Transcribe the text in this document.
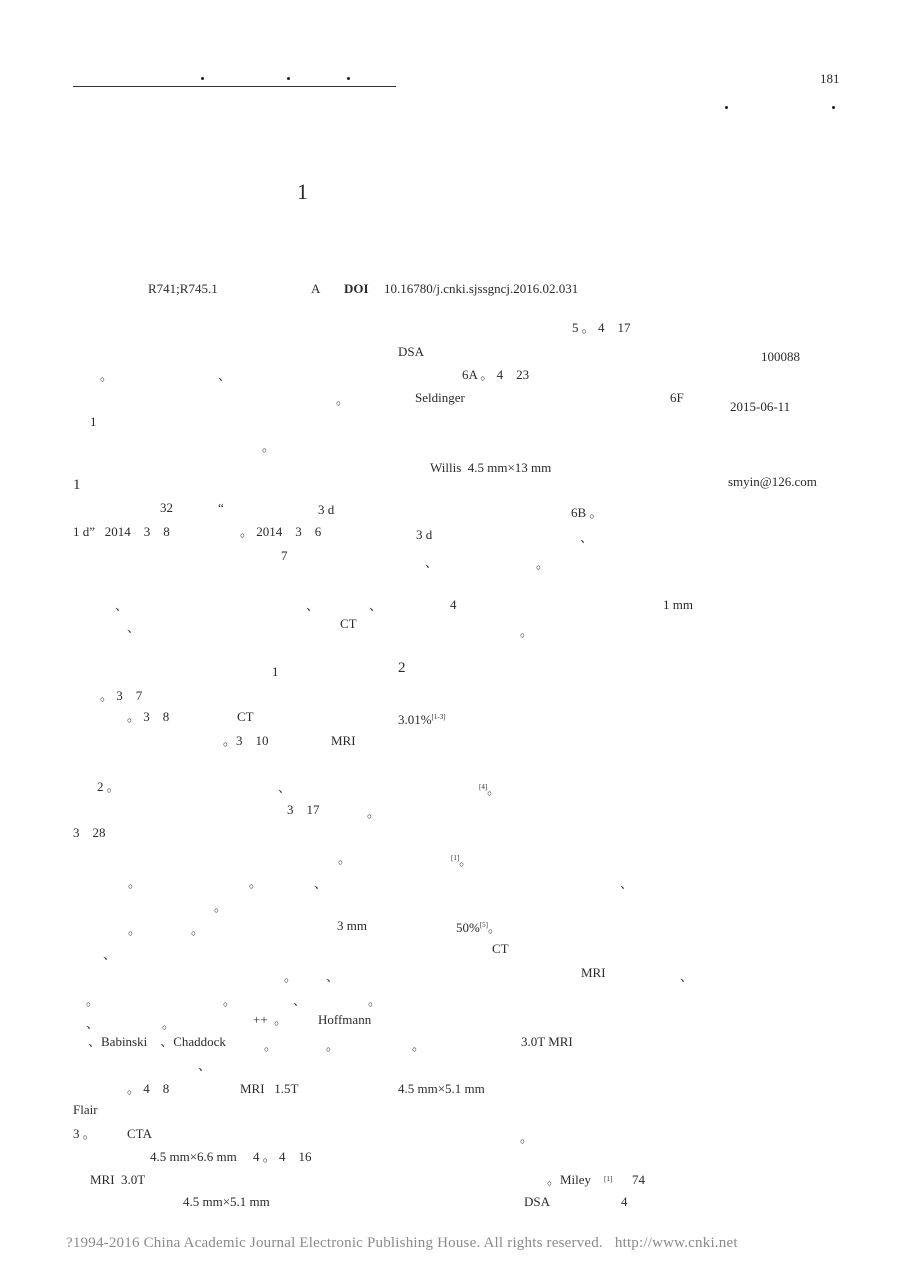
181
1
R741;R745.1	A DOI 10.16780/j.cnki.sjssgncj.2016.02.031
100088
2015-06-11
smyin@126.com
5 。 4    17
DSA
。	、	6A 。 4    23
。	Seldinger	6F
1
。
Willis  4.5 mm×13 mm
1
32	“	3 d	6B 。
1 d”   2014    3    8	。 2014    3    6	3 d	、
7	、	。
、	、	、	4	1 mm
、	CT
。
1	2
。 3    7
。 3    8	CT
。3    10	MRI
2 。	、
3    17	。
3    28
。
。	。	、	、
。
。	。	3 mm
、	CT
。 、	MRI	、
。	。	、	。
、	。	++  。 Hoffmann
、Babinski    、Chaddock	。	。	。	3.0T MRI
、
。 4    8	MRI   1.5T	4.5 mm×5.1 mm
Flair
3 。 CTA	。
4.5 mm×6.6 mm     4 。 4    16
MRI  3.0T	。Miley	74
4.5 mm×5.1 mm	DSA	4
3.01%[1-3]
[4]。
[1]。
50%[5]。
[1]
?1994-2016 China Academic Journal Electronic Publishing House. All rights reserved. http://www.cnki.net
